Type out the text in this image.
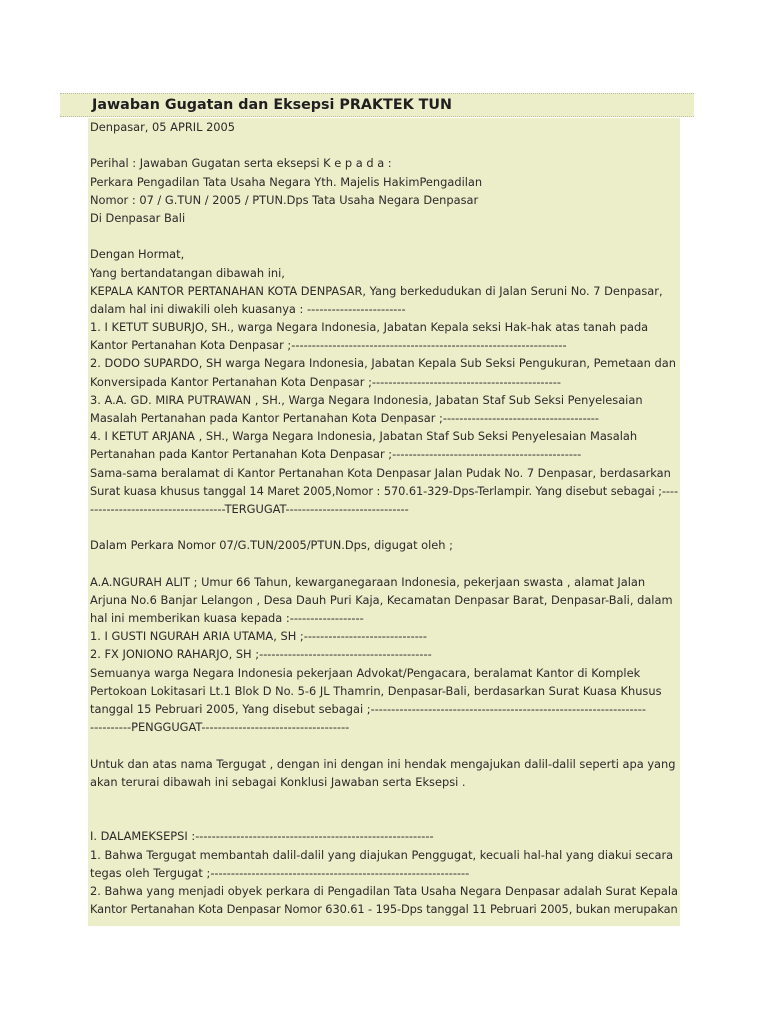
Jawaban Gugatan dan Eksepsi PRAKTEK TUN
Denpasar, 05 APRIL 2005
Perihal : Jawaban Gugatan serta eksepsi K e p a d a :
Perkara Pengadilan Tata Usaha Negara Yth. Majelis HakimPengadilan
Nomor : 07 / G.TUN / 2005 / PTUN.Dps Tata Usaha Negara Denpasar
Di Denpasar Bali
Dengan Hormat,
Yang bertandatangan dibawah ini,
KEPALA KANTOR PERTANAHAN KOTA DENPASAR, Yang berkedudukan di Jalan Seruni No. 7 Denpasar,
dalam hal ini diwakili oleh kuasanya : ------------------------
1. I KETUT SUBURJO, SH., warga Negara Indonesia, Jabatan Kepala seksi Hak-hak atas tanah pada
Kantor Pertanahan Kota Denpasar ;-------------------------------------------------------------------
2. DODO SUPARDO, SH warga Negara Indonesia, Jabatan Kepala Sub Seksi Pengukuran, Pemetaan dan
Konversipada Kantor Pertanahan Kota Denpasar ;----------------------------------------------
3. A.A. GD. MIRA PUTRAWAN , SH., Warga Negara Indonesia, Jabatan Staf Sub Seksi Penyelesaian
Masalah Pertanahan pada Kantor Pertanahan Kota Denpasar ;--------------------------------------
4. I KETUT ARJANA , SH., Warga Negara Indonesia, Jabatan Staf Sub Seksi Penyelesaian Masalah
Pertanahan pada Kantor Pertanahan Kota Denpasar ;----------------------------------------------
Sama-sama beralamat di Kantor Pertanahan Kota Denpasar Jalan Pudak No. 7 Denpasar, berdasarkan
Surat kuasa khusus tanggal 14 Maret 2005,Nomor : 570.61-329-Dps-Terlampir. Yang disebut sebagai ;----
---------------------------------TERGUGAT------------------------------
Dalam Perkara Nomor 07/G.TUN/2005/PTUN.Dps, digugat oleh ;
A.A.NGURAH ALIT ; Umur 66 Tahun, kewarganegaraan Indonesia, pekerjaan swasta , alamat Jalan
Arjuna No.6 Banjar Lelangon , Desa Dauh Puri Kaja, Kecamatan Denpasar Barat, Denpasar-Bali, dalam
hal ini memberikan kuasa kepada :------------------
1. I GUSTI NGURAH ARIA UTAMA, SH ;------------------------------
2. FX JONIONO RAHARJO, SH ;------------------------------------------
Semuanya warga Negara Indonesia pekerjaan Advokat/Pengacara, beralamat Kantor di Komplek
Pertokoan Lokitasari Lt.1 Blok D No. 5-6 JL Thamrin, Denpasar-Bali, berdasarkan Surat Kuasa Khusus
tanggal 15 Pebruari 2005, Yang disebut sebagai ;-------------------------------------------------------------------
----------PENGGUGAT------------------------------------
Untuk dan atas nama Tergugat , dengan ini dengan ini hendak mengajukan dalil-dalil seperti apa yang
akan terurai dibawah ini sebagai Konklusi Jawaban serta Eksepsi .
I. DALAMEKSEPSI :----------------------------------------------------------
1. Bahwa Tergugat membantah dalil-dalil yang diajukan Penggugat, kecuali hal-hal yang diakui secara
tegas oleh Tergugat ;---------------------------------------------------------------
2. Bahwa yang menjadi obyek perkara di Pengadilan Tata Usaha Negara Denpasar adalah Surat Kepala
Kantor Pertanahan Kota Denpasar Nomor 630.61 - 195-Dps tanggal 11 Pebruari 2005, bukan merupakan
